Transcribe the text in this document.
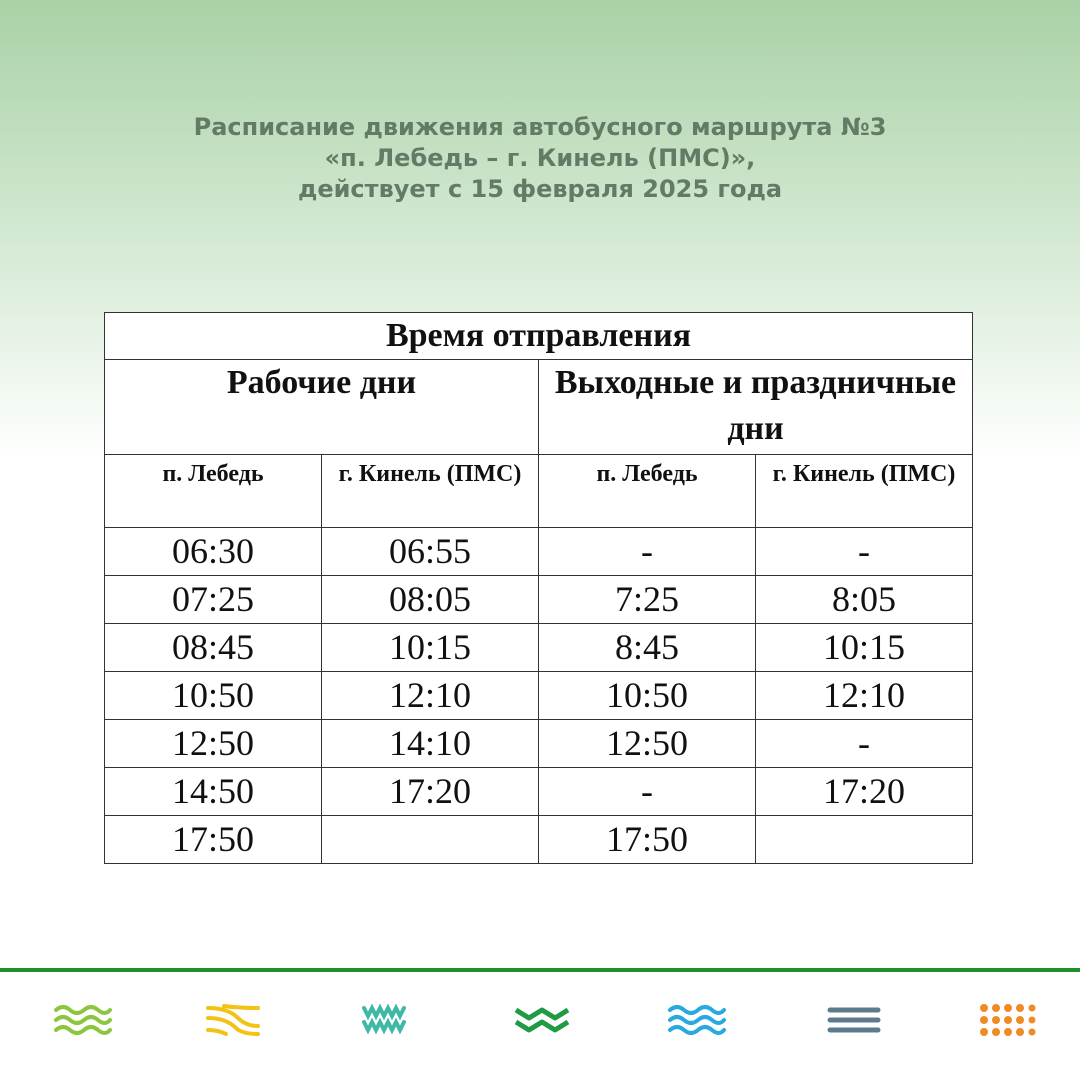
Расписание движения автобусного маршрута №3
«п. Лебедь – г. Кинель (ПМС)»,
действует с 15 февраля 2025 года
Время отправления			
Рабочие дни		Выходные и праздничные дни	
п. Лебедь	г. Кинель (ПМС)	п. Лебедь	г. Кинель (ПМС)
06:30	06:55	-	-
07:25	08:05	7:25	8:05
08:45	10:15	8:45	10:15
10:50	12:10	10:50	12:10
12:50	14:10	12:50	-
14:50	17:20	-	17:20
17:50		17:50	
